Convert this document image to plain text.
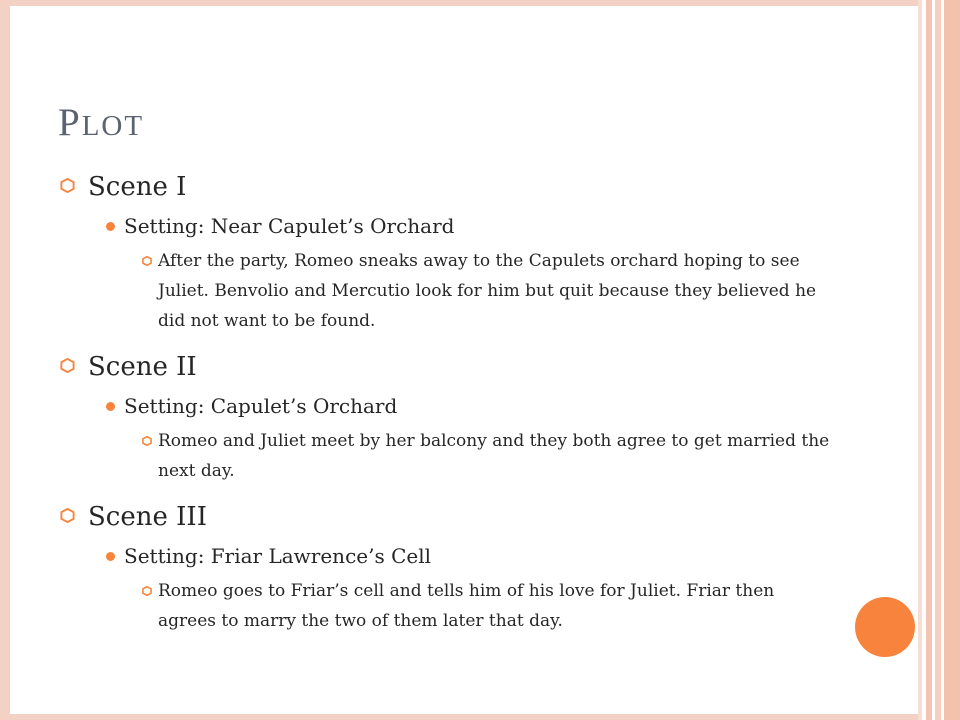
PLOT
Scene I
Setting: Near Capulet’s Orchard
After the party, Romeo sneaks away to the Capulets orchard hoping to see Juliet. Benvolio and Mercutio look for him but quit because they believed he did not want to be found.
Scene II
Setting: Capulet’s Orchard
Romeo and Juliet meet by her balcony and they both agree to get married the next day.
Scene III
Setting: Friar Lawrence’s Cell
Romeo goes to Friar’s cell and tells him of his love for Juliet. Friar then agrees to marry the two of them later that day.
